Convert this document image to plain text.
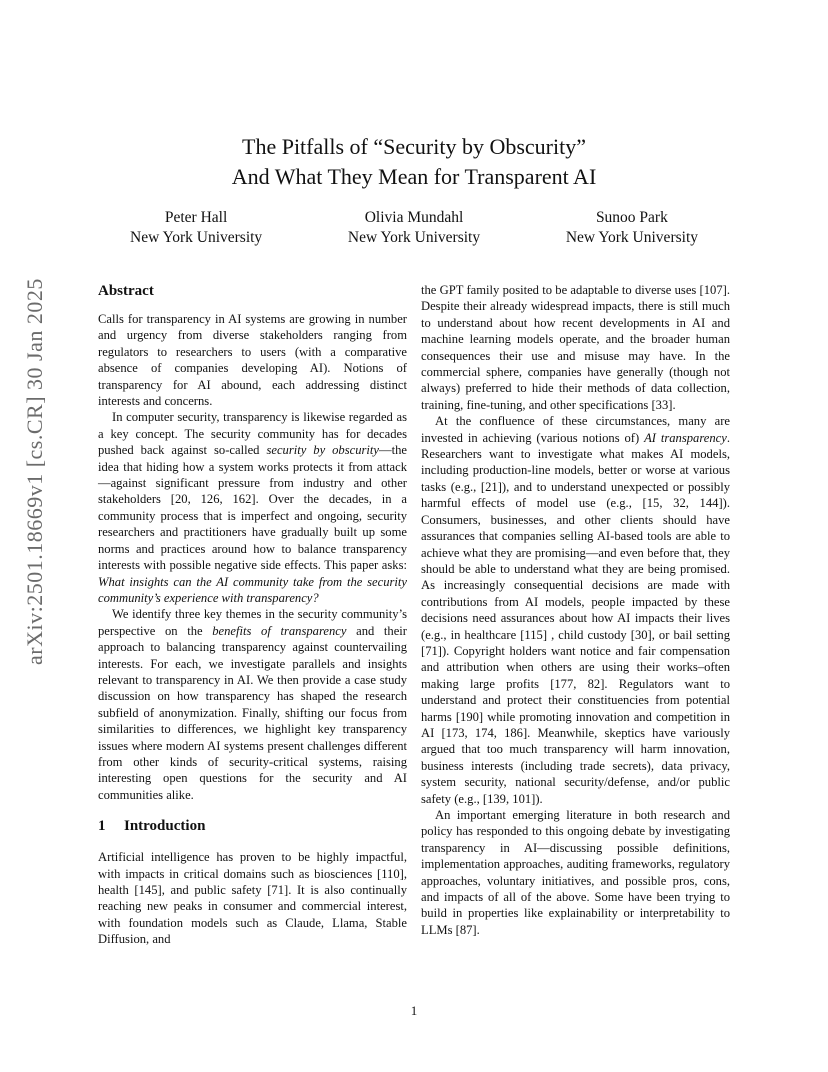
arXiv:2501.18669v1 [cs.CR] 30 Jan 2025
The Pitfalls of “Security by Obscurity”
And What They Mean for Transparent AI
Peter Hall
New York University
Olivia Mundahl
New York University
Sunoo Park
New York University
Abstract

Calls for transparency in AI systems are growing in number and urgency from diverse stakeholders ranging from regulators to researchers to users (with a comparative absence of companies developing AI). Notions of transparency for AI abound, each addressing distinct interests and concerns.

In computer security, transparency is likewise regarded as a key concept. The security community has for decades pushed back against so-called security by obscurity—the idea that hiding how a system works protects it from attack—against significant pressure from industry and other stakeholders [20, 126, 162]. Over the decades, in a community process that is imperfect and ongoing, security researchers and practitioners have gradually built up some norms and practices around how to balance transparency interests with possible negative side effects. This paper asks: What insights can the AI community take from the security community’s experience with transparency?

We identify three key themes in the security community’s perspective on the benefits of transparency and their approach to balancing transparency against countervailing interests. For each, we investigate parallels and insights relevant to transparency in AI. We then provide a case study discussion on how transparency has shaped the research subfield of anonymization. Finally, shifting our focus from similarities to differences, we highlight key transparency issues where modern AI systems present challenges different from other kinds of security-critical systems, raising interesting open questions for the security and AI communities alike.

1 Introduction

Artificial intelligence has proven to be highly impactful, with impacts in critical domains such as biosciences [110], health [145], and public safety [71]. It is also continually reaching new peaks in consumer and commercial interest, with foundation models such as Claude, Llama, Stable Diffusion, and

the GPT family posited to be adaptable to diverse uses [107]. Despite their already widespread impacts, there is still much to understand about how recent developments in AI and machine learning models operate, and the broader human consequences their use and misuse may have. In the commercial sphere, companies have generally (though not always) preferred to hide their methods of data collection, training, fine-tuning, and other specifications [33].

At the confluence of these circumstances, many are invested in achieving (various notions of) AI transparency. Researchers want to investigate what makes AI models, including production-line models, better or worse at various tasks (e.g., [21]), and to understand unexpected or possibly harmful effects of model use (e.g., [15, 32, 144]). Consumers, businesses, and other clients should have assurances that companies selling AI-based tools are able to achieve what they are promising—and even before that, they should be able to understand what they are being promised. As increasingly consequential decisions are made with contributions from AI models, people impacted by these decisions need assurances about how AI impacts their lives (e.g., in healthcare [115] , child custody [30], or bail setting [71]). Copyright holders want notice and fair compensation and attribution when others are using their works–often making large profits [177, 82]. Regulators want to understand and protect their constituencies from potential harms [190] while promoting innovation and competition in AI [173, 174, 186]. Meanwhile, skeptics have variously argued that too much transparency will harm innovation, business interests (including trade secrets), data privacy, system security, national security/defense, and/or public safety (e.g., [139, 101]).

An important emerging literature in both research and policy has responded to this ongoing debate by investigating transparency in AI—discussing possible definitions, implementation approaches, auditing frameworks, regulatory approaches, voluntary initiatives, and possible pros, cons, and impacts of all of the above. Some have been trying to build in properties like explainability or interpretability to LLMs [87].

1
